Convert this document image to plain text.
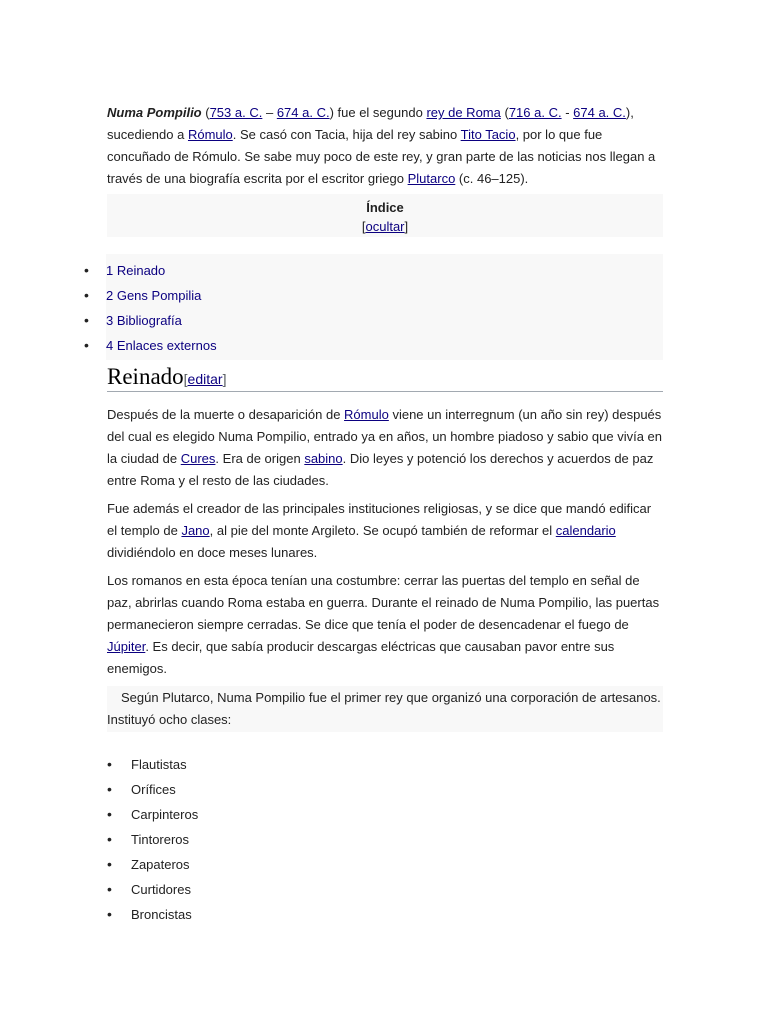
Numa Pompilio (753 a. C. – 674 a. C.) fue el segundo rey de Roma (716 a. C. - 674 a. C.), sucediendo a Rómulo. Se casó con Tacia, hija del rey sabino Tito Tacio, por lo que fue concuñado de Rómulo. Se sabe muy poco de este rey, y gran parte de las noticias nos llegan a través de una biografía escrita por el escritor griego Plutarco (c. 46–125).

Índice
[ocultar]
• 1 Reinado
• 2 Gens Pompilia
• 3 Bibliografía
• 4 Enlaces externos
Reinado[editar]

Después de la muerte o desaparición de Rómulo viene un interregnum (un año sin rey) después del cual es elegido Numa Pompilio, entrado ya en años, un hombre piadoso y sabio que vivía en la ciudad de Cures. Era de origen sabino. Dio leyes y potenció los derechos y acuerdos de paz entre Roma y el resto de las ciudades.

Fue además el creador de las principales instituciones religiosas, y se dice que mandó edificar el templo de Jano, al pie del monte Argileto. Se ocupó también de reformar el calendario dividiéndolo en doce meses lunares.

Los romanos en esta época tenían una costumbre: cerrar las puertas del templo en señal de paz, abrirlas cuando Roma estaba en guerra. Durante el reinado de Numa Pompilio, las puertas permanecieron siempre cerradas. Se dice que tenía el poder de desencadenar el fuego de Júpiter. Es decir, que sabía producir descargas eléctricas que causaban pavor entre sus enemigos.

Según Plutarco, Numa Pompilio fue el primer rey que organizó una corporación de artesanos. Instituyó ocho clases:

• Flautistas
• Orífices
• Carpinteros
• Tintoreros
• Zapateros
• Curtidores
• Broncistas
